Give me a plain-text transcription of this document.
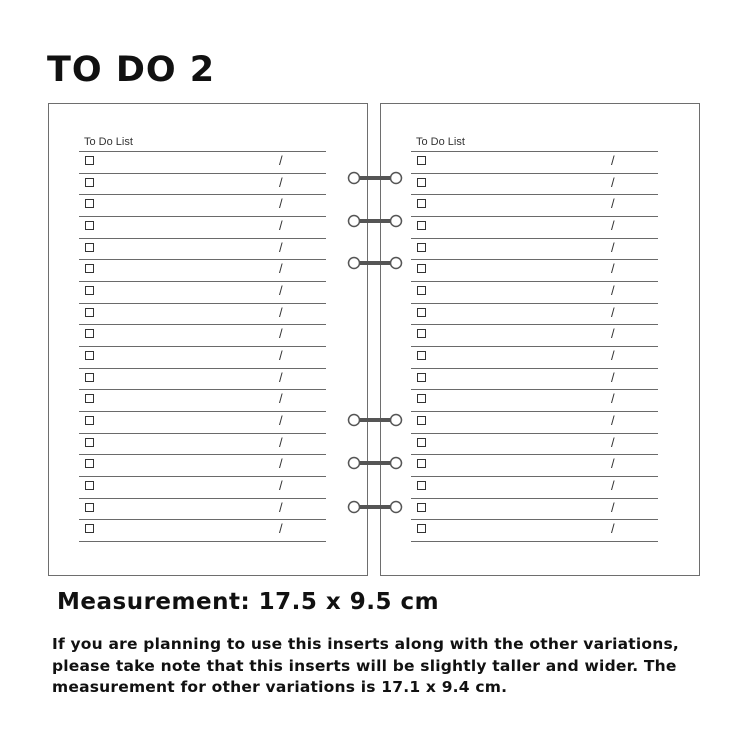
TO DO 2
To Do List
/
/
/
/
/
/
/
/
/
/
/
/
/
/
/
/
/
/
To Do List
/
/
/
/
/
/
/
/
/
/
/
/
/
/
/
/
/
/
Measurement: 17.5 x 9.5 cm
If you are planning to use this inserts along with the other variations, please take note that this inserts will be slightly taller and wider. The measurement for other variations is 17.1 x 9.4 cm.
